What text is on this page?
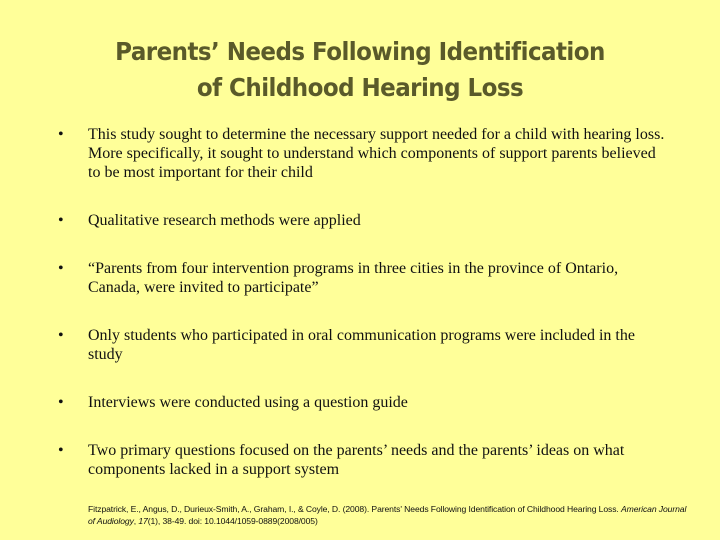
Parents’ Needs Following Identification
of Childhood Hearing Loss
•	This study sought to determine the necessary support needed for a child with hearing loss. More specifically, it sought to understand which components of support parents believed to be most important for their child
•	Qualitative research methods were applied
•	“Parents from four intervention programs in three cities in the province of Ontario, Canada, were invited to participate”
•	Only students who participated in oral communication programs were included in the study
•	Interviews were conducted using a question guide
•	Two primary questions focused on the parents’ needs and the parents’ ideas on what components lacked in a support system
Fitzpatrick, E., Angus, D., Durieux-Smith, A., Graham, I., & Coyle, D. (2008). Parents' Needs Following Identification of Childhood Hearing Loss. American Journal of Audiology, 17(1), 38-49. doi: 10.1044/1059-0889(2008/005)
